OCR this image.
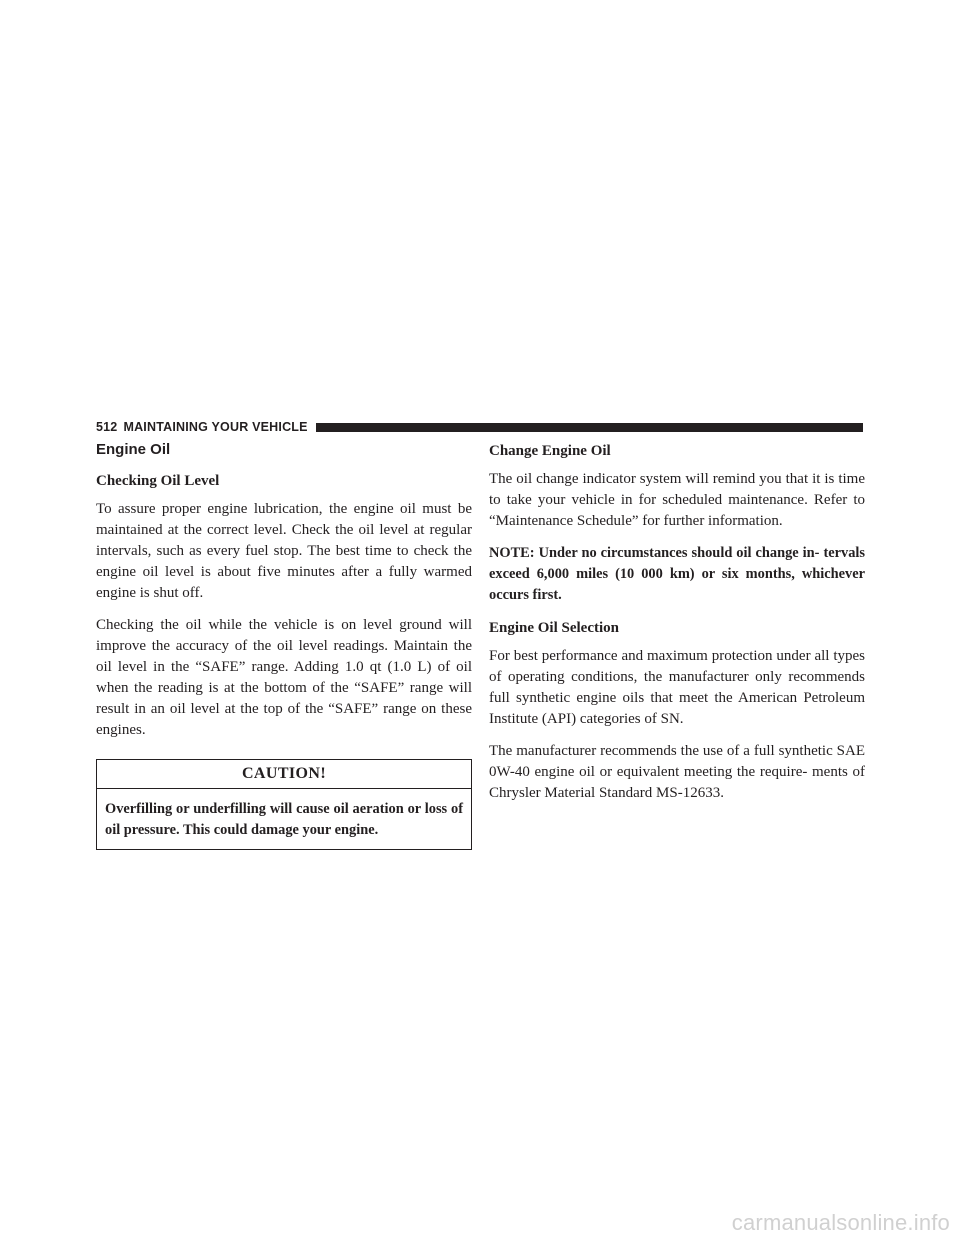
512 MAINTAINING YOUR VEHICLE
Engine Oil
Checking Oil Level

To assure proper engine lubrication, the engine oil must be maintained at the correct level. Check the oil level at regular intervals, such as every fuel stop. The best time to check the engine oil level is about five minutes after a fully warmed engine is shut off.

Checking the oil while the vehicle is on level ground will improve the accuracy of the oil level readings. Maintain the oil level in the “SAFE” range. Adding 1.0 qt (1.0 L) of oil when the reading is at the bottom of the “SAFE” range will result in an oil level at the top of the “SAFE” range on these engines.

CAUTION!

Overfilling or underfilling will cause oil aeration or loss of oil pressure. This could damage your engine.

Change Engine Oil

The oil change indicator system will remind you that it is time to take your vehicle in for scheduled maintenance. Refer to “Maintenance Schedule” for further information.

NOTE: Under no circumstances should oil change in- tervals exceed 6,000 miles (10 000 km) or six months, whichever occurs first.

Engine Oil Selection

For best performance and maximum protection under all types of operating conditions, the manufacturer only recommends full synthetic engine oils that meet the American Petroleum Institute (API) categories of SN.

The manufacturer recommends the use of a full synthetic SAE 0W-40 engine oil or equivalent meeting the require- ments of Chrysler Material Standard MS-12633.

carmanualsonline.info
